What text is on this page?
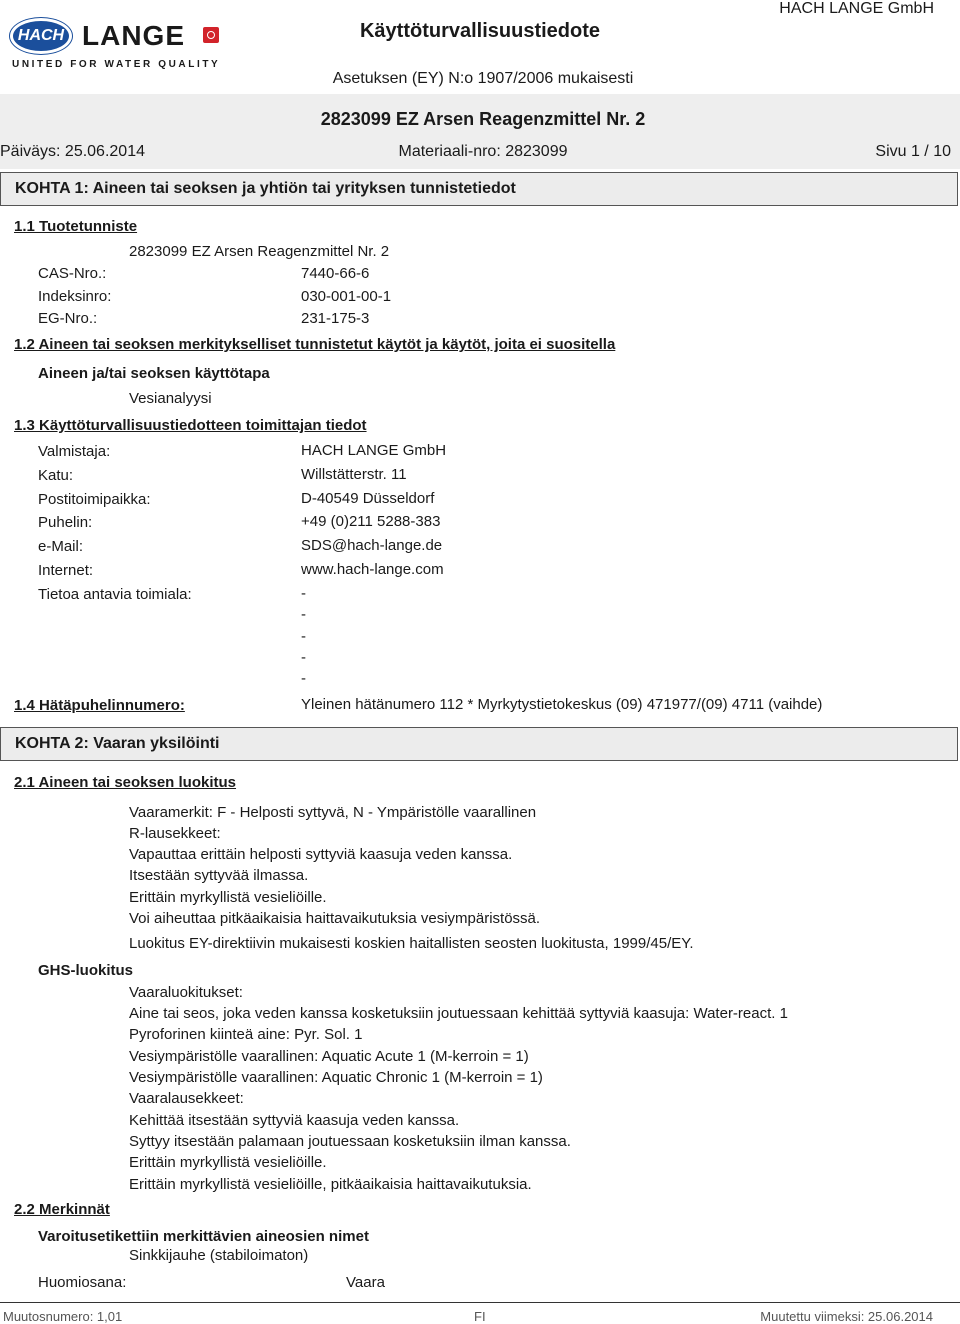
HACH LANGE
UNITED FOR WATER QUALITY
Käyttöturvallisuustiedote
HACH LANGE GmbH
Asetuksen (EY) N:o 1907/2006 mukaisesti
2823099 EZ Arsen Reagenzmittel Nr. 2
Päiväys: 25.06.2014	Materiaali-nro: 2823099	Sivu 1 / 10
KOHTA 1: Aineen tai seoksen ja yhtiön tai yrityksen tunnistetiedot
1.1 Tuotetunniste
2823099 EZ Arsen Reagenzmittel Nr. 2
CAS-Nro.:	7440-66-6
Indeksinro:	030-001-00-1
EG-Nro.:	231-175-3
1.2 Aineen tai seoksen merkitykselliset tunnistetut käytöt ja käytöt, joita ei suositella
Aineen ja/tai seoksen käyttötapa
Vesianalyysi
1.3 Käyttöturvallisuustiedotteen toimittajan tiedot
Valmistaja:	HACH LANGE GmbH
Katu:	Willstätterstr. 11
Postitoimipaikka:	D-40549 Düsseldorf
Puhelin:	+49 (0)211 5288-383
e-Mail:	SDS@hach-lange.de
Internet:	www.hach-lange.com
Tietoa antavia toimiala:	-
-
-
-
-
1.4 Hätäpuhelinnumero:	Yleinen hätänumero 112 * Myrkytystietokeskus (09) 471977/(09) 4711 (vaihde)
KOHTA 2: Vaaran yksilöinti
2.1 Aineen tai seoksen luokitus
Vaaramerkit: F - Helposti syttyvä, N - Ympäristölle vaarallinen
R-lausekkeet:
Vapauttaa erittäin helposti syttyviä kaasuja veden kanssa.
Itsestään syttyvää ilmassa.
Erittäin myrkyllistä vesieliöille.
Voi aiheuttaa pitkäaikaisia haittavaikutuksia vesiympäristössä.
Luokitus EY-direktiivin mukaisesti koskien haitallisten seosten luokitusta, 1999/45/EY.
GHS-luokitus
Vaaraluokitukset:
Aine tai seos, joka veden kanssa kosketuksiin joutuessaan kehittää syttyviä kaasuja: Water-react. 1
Pyroforinen kiinteä aine: Pyr. Sol. 1
Vesiympäristölle vaarallinen: Aquatic Acute 1 (M-kerroin = 1)
Vesiympäristölle vaarallinen: Aquatic Chronic 1 (M-kerroin = 1)
Vaaralausekkeet:
Kehittää itsestään syttyviä kaasuja veden kanssa.
Syttyy itsestään palamaan joutuessaan kosketuksiin ilman kanssa.
Erittäin myrkyllistä vesieliöille.
Erittäin myrkyllistä vesieliöille, pitkäaikaisia haittavaikutuksia.
2.2 Merkinnät
Varoitusetikettiin merkittävien aineosien nimet
Sinkkijauhe (stabiloimaton)
Huomiosana:	Vaara
Muutosnumero: 1,01	FI	Muutettu viimeksi: 25.06.2014
